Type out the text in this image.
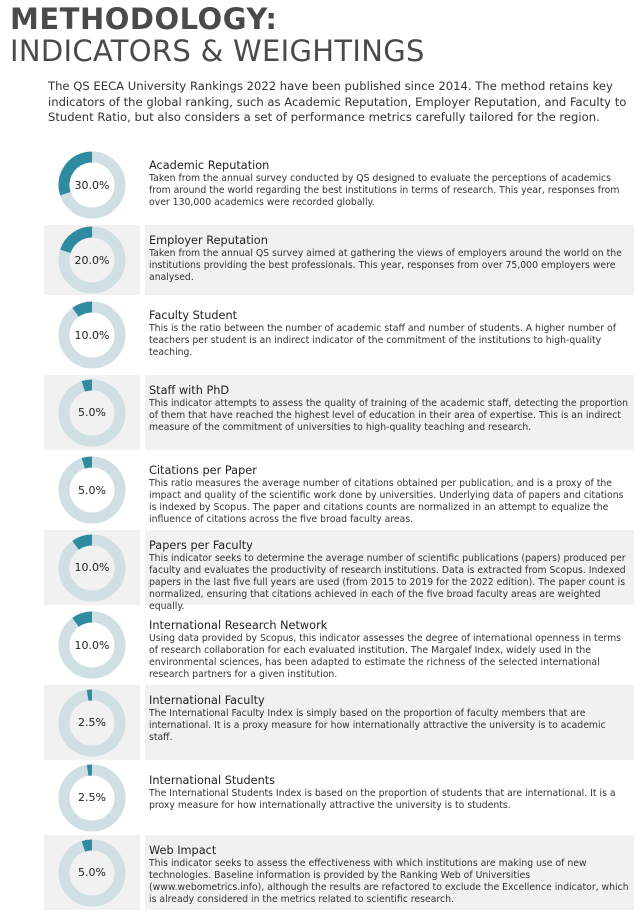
METHODOLOGY:
INDICATORS & WEIGHTINGS
The QS EECA University Rankings 2022 have been published since 2014. The method retains key indicators of the global ranking, such as Academic Reputation, Employer Reputation, and Faculty to Student Ratio, but also considers a set of performance metrics carefully tailored for the region.
30.0%
Academic Reputation
Taken from the annual survey conducted by QS designed to evaluate the perceptions of academics from around the world regarding the best institutions in terms of research. This year, responses from over 130,000 academics were recorded globally.
20.0%
Employer Reputation
Taken from the annual QS survey aimed at gathering the views of employers around the world on the institutions providing the best professionals. This year, responses from over 75,000 employers were analysed.
10.0%
Faculty Student
This is the ratio between the number of academic staff and number of students. A higher number of teachers per student is an indirect indicator of the commitment of the institutions to high-quality teaching.
5.0%
Staff with PhD
This indicator attempts to assess the quality of training of the academic staff, detecting the proportion of them that have reached the highest level of education in their area of expertise. This is an indirect measure of the commitment of universities to high-quality teaching and research.
5.0%
Citations per Paper
This ratio measures the average number of citations obtained per publication, and is a proxy of the impact and quality of the scientific work done by universities. Underlying data of papers and citations is indexed by Scopus. The paper and citations counts are normalized in an attempt to equalize the influence of citations across the five broad faculty areas.
10.0%
Papers per Faculty
This indicator seeks to determine the average number of scientific publications (papers) produced per faculty and evaluates the productivity of research institutions. Data is extracted from Scopus. Indexed papers in the last five full years are used (from 2015 to 2019 for the 2022 edition). The paper count is normalized, ensuring that citations achieved in each of the five broad faculty areas are weighted equally.
10.0%
International Research Network
Using data provided by Scopus, this indicator assesses the degree of international openness in terms of research collaboration for each evaluated institution. The Margalef Index, widely used in the environmental sciences, has been adapted to estimate the richness of the selected international research partners for a given institution.
2.5%
International Faculty
The International Faculty Index is simply based on the proportion of faculty members that are international. It is a proxy measure for how internationally attractive the university is to academic staff.
2.5%
International Students
The International Students Index is based on the proportion of students that are international. It is a proxy measure for how internationally attractive the university is to students.
5.0%
Web Impact
This indicator seeks to assess the effectiveness with which institutions are making use of new technologies. Baseline information is provided by the Ranking Web of Universities (www.webometrics.info), although the results are refactored to exclude the Excellence indicator, which is already considered in the metrics related to scientific research.
